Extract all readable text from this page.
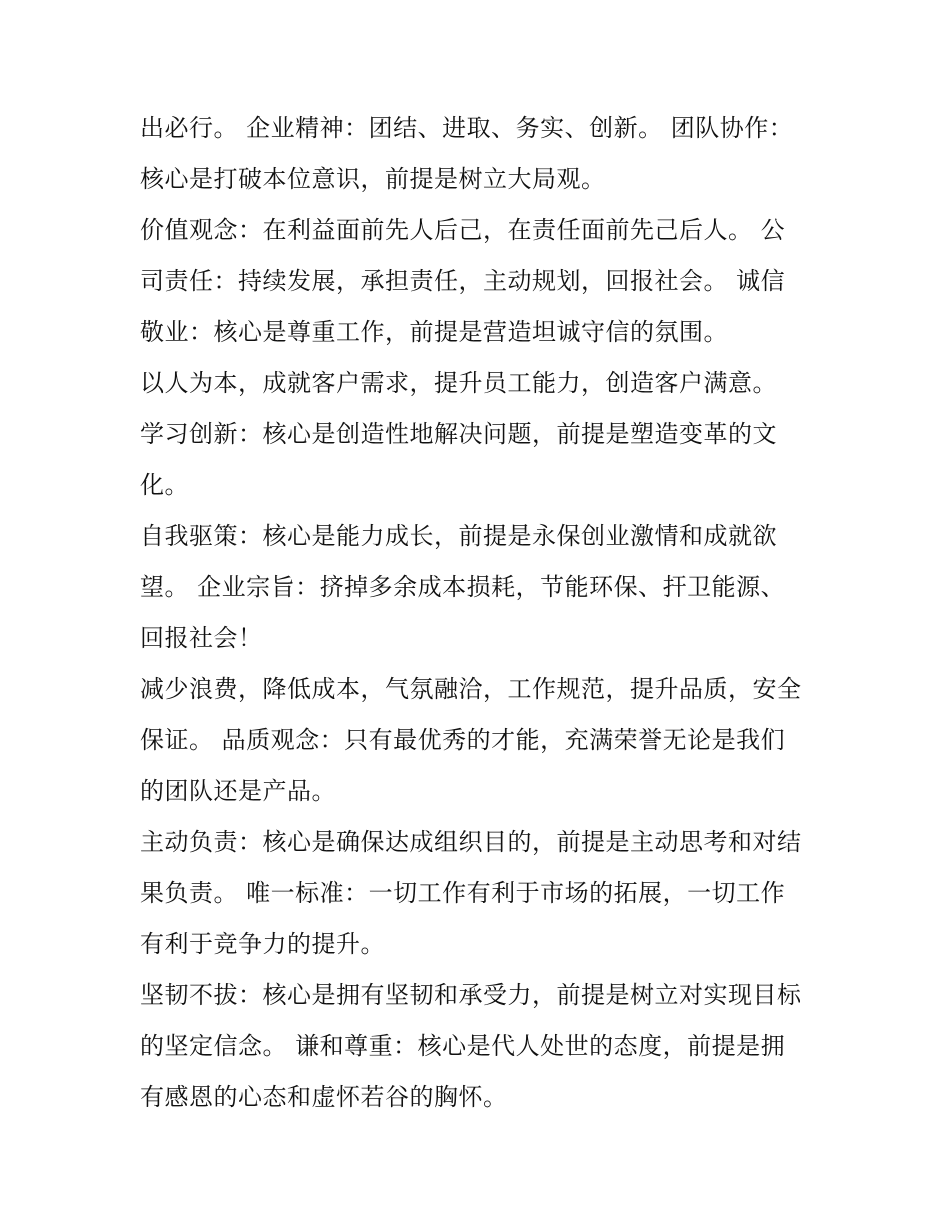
出必行。 企业精神：团结、进取、务实、创新。 团队协作：
核心是打破本位意识，前提是树立大局观。
价值观念：在利益面前先人后己，在责任面前先己后人。 公
司责任：持续发展，承担责任，主动规划，回报社会。 诚信
敬业：核心是尊重工作，前提是营造坦诚守信的氛围。
以人为本，成就客户需求，提升员工能力，创造客户满意。
学习创新：核心是创造性地解决问题，前提是塑造变革的文
化。
自我驱策：核心是能力成长，前提是永保创业激情和成就欲
望。 企业宗旨：挤掉多余成本损耗，节能环保、扞卫能源、
回报社会！
减少浪费，降低成本，气氛融洽，工作规范，提升品质，安全
保证。 品质观念：只有最优秀的才能，充满荣誉无论是我们
的团队还是产品。
主动负责：核心是确保达成组织目的，前提是主动思考和对结
果负责。 唯一标准：一切工作有利于市场的拓展，一切工作
有利于竞争力的提升。
坚韧不拔：核心是拥有坚韧和承受力，前提是树立对实现目标
的坚定信念。 谦和尊重：核心是代人处世的态度，前提是拥
有感恩的心态和虚怀若谷的胸怀。
